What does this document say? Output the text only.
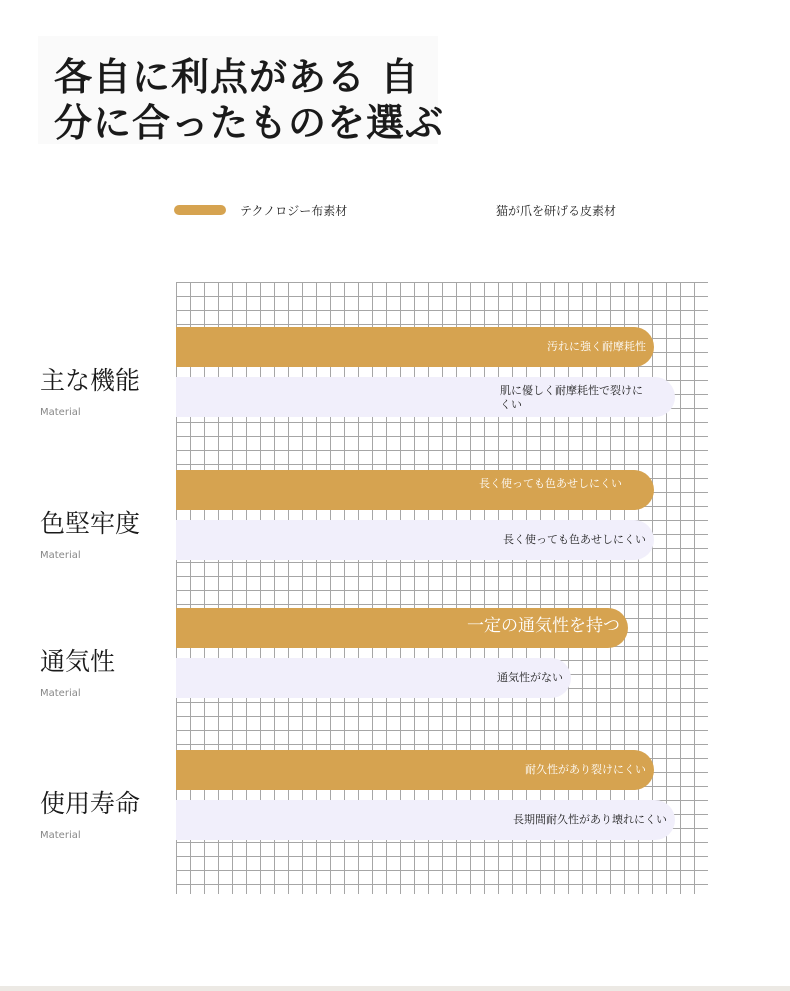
各自に利点がある 自
分に合ったものを選ぶ
テクノロジー布素材	猫が爪を研げる皮素材
主な機能
Material
汚れに強く耐摩耗性
肌に優しく耐摩耗性で裂けにくい
色堅牢度
Material
長く使っても色あせしにくい
長く使っても色あせしにくい
通気性
Material
一定の通気性を持つ
通気性がない
使用寿命
Material
耐久性があり裂けにくい
長期間耐久性があり壊れにくい
